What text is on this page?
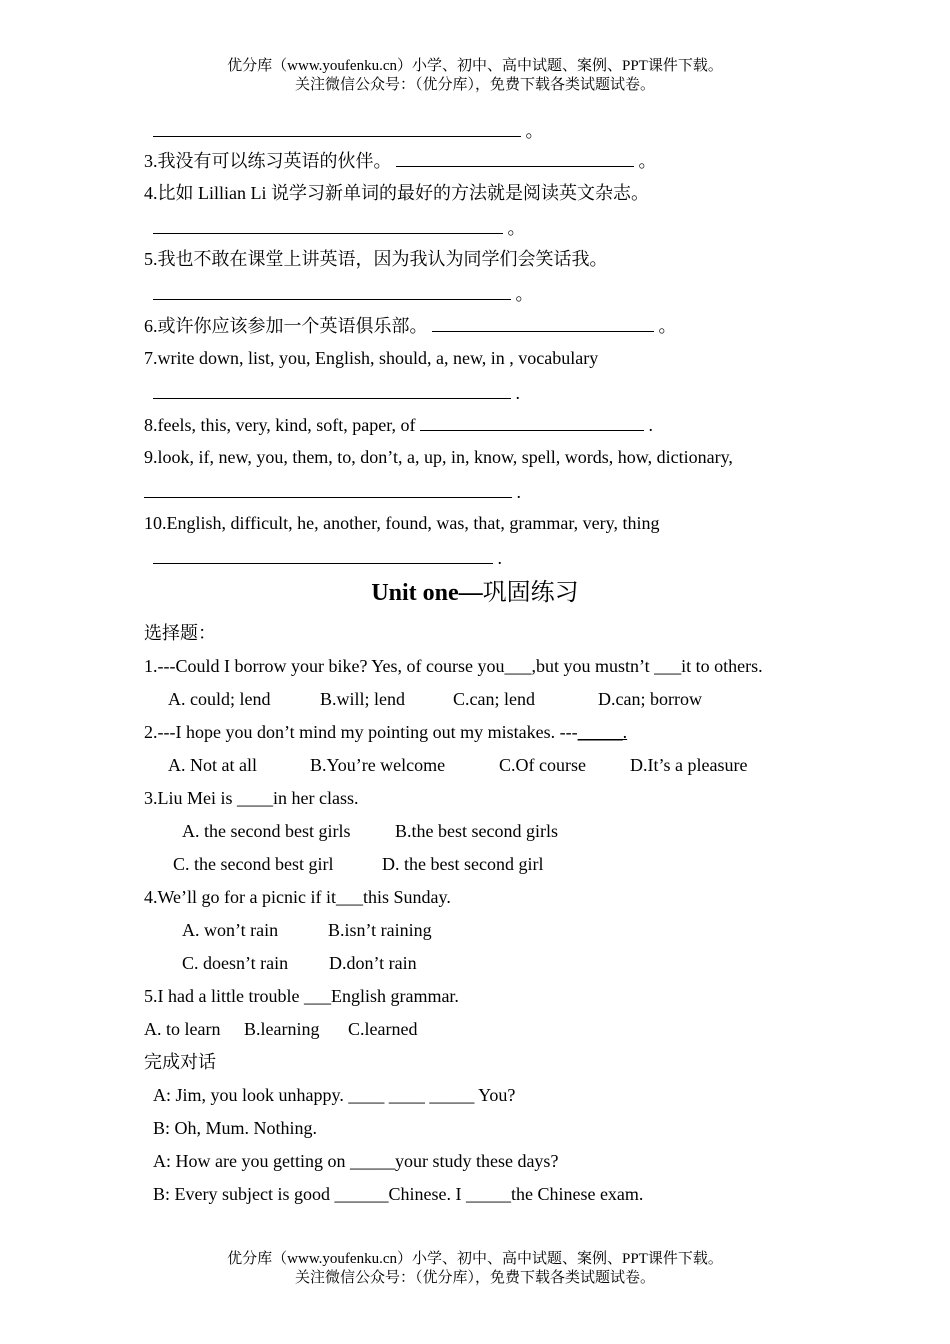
优分库（www.youfenku.cn）小学、初中、高中试题、案例、PPT课件下载。
关注微信公众号：（优分库），免费下载各类试题试卷。
。
3.我没有可以练习英语的伙伴。	。
4.比如 Lillian Li 说学习新单词的最好的方法就是阅读英文杂志。
。
5.我也不敢在课堂上讲英语，因为我认为同学们会笑话我。
。
6.或许你应该参加一个英语俱乐部。	。
7.write down, list, you, English, should, a, new, in , vocabulary
.
8.feels, this, very, kind, soft, paper, of	.
9.look, if, new, you, them, to, don’t, a, up, in, know, spell, words, how, dictionary,
.
10.English, difficult, he, another, found, was, that, grammar, very, thing
.
Unit one—巩固练习
选择题：
1.---Could I borrow your bike? Yes, of course you___,but you mustn’t ___it to others.
A. could; lend	B.will; lend	C.can; lend	D.can; borrow
2.---I hope you don’t mind my pointing out my mistakes. ---_____.
A. Not at all	B.You’re welcome	C.Of course D.It’s a pleasure
3.Liu Mei is ____in her class.
A. the second best girls B.the best second girls
C. the second best girl	D. the best second girl
4.We’ll go for a picnic if it___this Sunday.
A. won’t rain	B.isn’t raining
C. doesn’t rain D.don’t rain
5.I had a little trouble ___English grammar.
A. to learn B.learning C.learned
完成对话
A: Jim, you look unhappy. ____ ____ _____ You?
B: Oh, Mum. Nothing.
A: How are you getting on _____your study these days?
B: Every subject is good ______Chinese. I _____the Chinese exam.
优分库（www.youfenku.cn）小学、初中、高中试题、案例、PPT课件下载。
关注微信公众号：（优分库），免费下载各类试题试卷。
